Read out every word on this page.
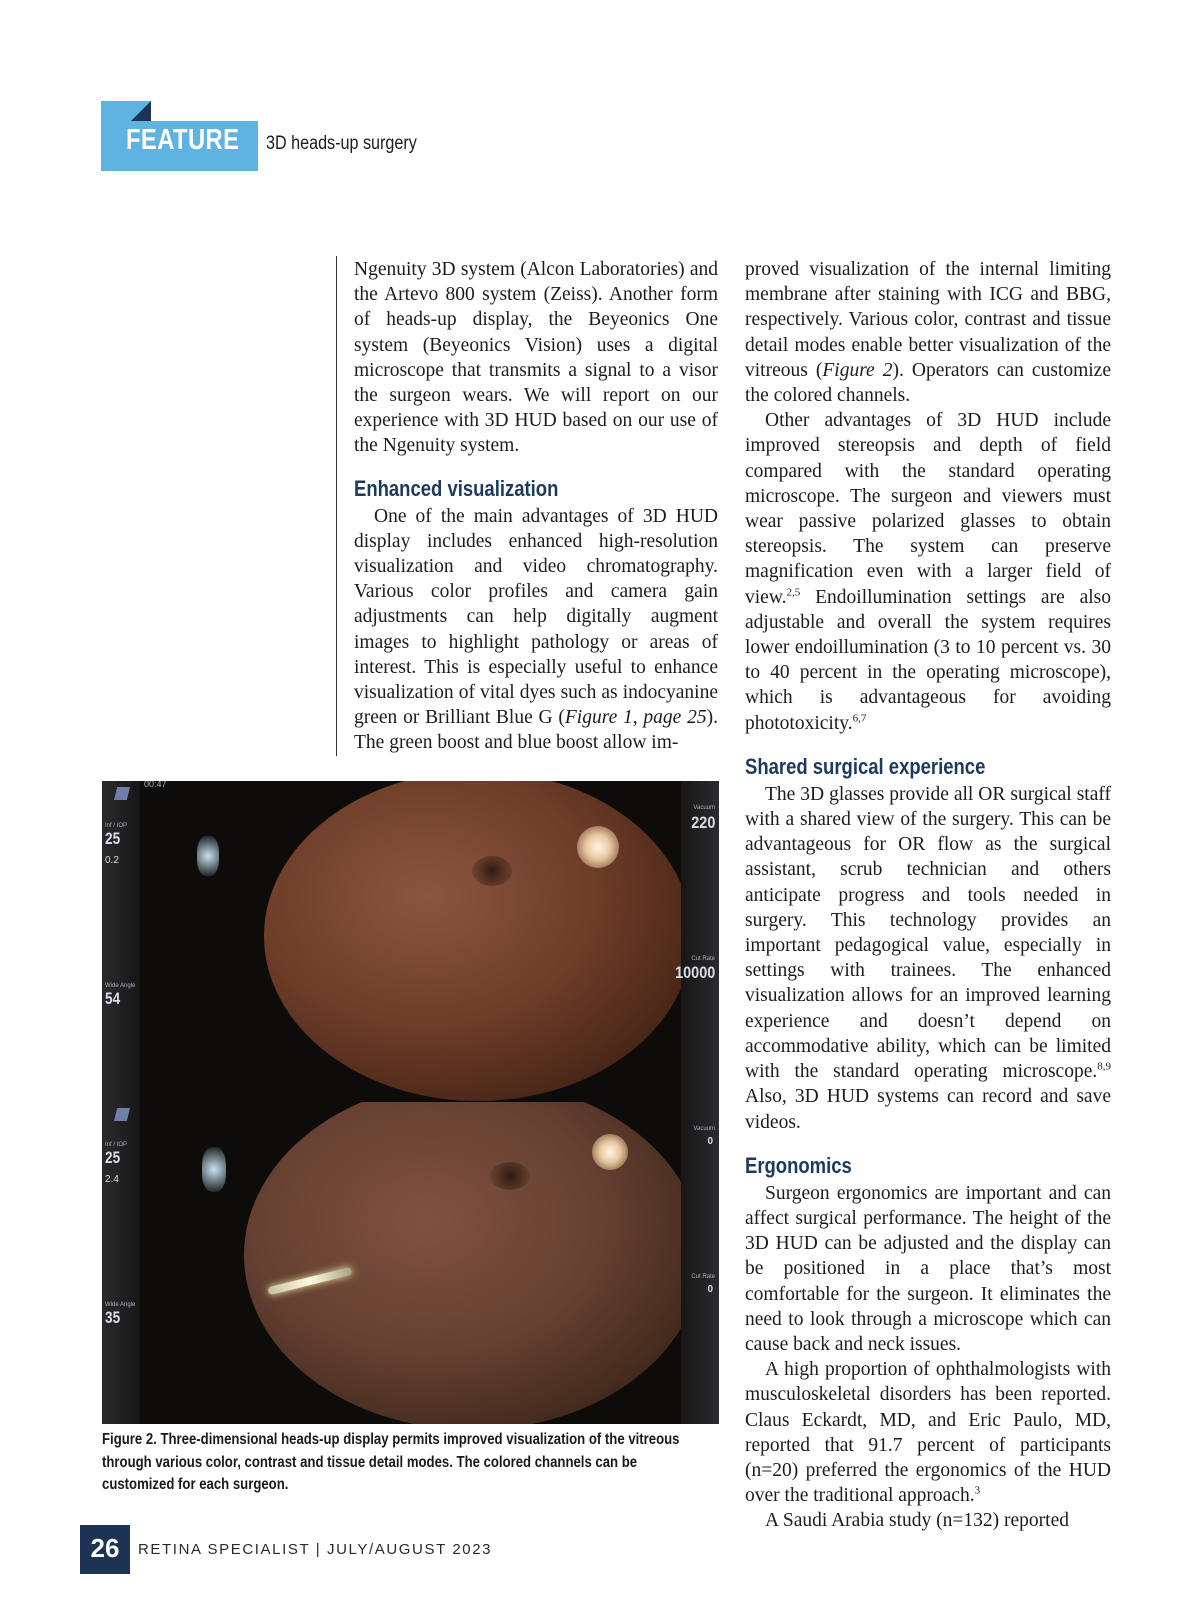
FEATURE 3D heads-up surgery

Ngenuity 3D system (Alcon Laboratories) and the Artevo 800 system (Zeiss). Another form of heads-up display, the Beyeonics One system (Beyeonics Vision) uses a digital microscope that transmits a signal to a visor the surgeon wears. We will report on our experience with 3D HUD based on our use of the Ngenuity system.

Enhanced visualization

One of the main advantages of 3D HUD display includes enhanced high-resolution visualization and video chromatography. Various color profiles and camera gain adjustments can help digitally augment images to highlight pathology or areas of interest. This is especially useful to enhance visualization of vital dyes such as indocyanine green or Brilliant Blue G (Figure 1, page 25). The green boost and blue boost allow im-

proved visualization of the internal limiting membrane after staining with ICG and BBG, respectively. Various color, contrast and tissue detail modes enable better visualization of the vitreous (Figure 2). Operators can customize the colored channels.

Other advantages of 3D HUD include improved stereopsis and depth of field compared with the standard operating microscope. The surgeon and viewers must wear passive polarized glasses to obtain stereopsis. The system can preserve magnification even with a larger field of view.$^{2,5}$ Endoillumination settings are also adjustable and overall the system requires lower endoillumination (3 to 10 percent vs. 30 to 40 percent in the operating microscope), which is advantageous for avoiding phototoxicity.$^{6,7}$

Shared surgical experience

The 3D glasses provide all OR surgical staff with a shared view of the surgery. This can be advantageous for OR flow as the surgical assistant, scrub technician and others anticipate progress and tools needed in surgery. This technology provides an important pedagogical value, especially in settings with trainees. The enhanced visualization allows for an improved learning experience and doesn’t depend on accommodative ability, which can be limited with the standard operating microscope.$^{8,9}$ Also, 3D HUD systems can record and save videos.

Ergonomics

Surgeon ergonomics are important and can affect surgical performance. The height of the 3D HUD can be adjusted and the display can be positioned in a place that’s most comfortable for the surgeon. It eliminates the need to look through a microscope which can cause back and neck issues.

A high proportion of ophthalmologists with musculoskeletal disorders has been reported. Claus Eckardt, MD, and Eric Paulo, MD, reported that 91.7 percent of participants (n=20) preferred the ergonomics of the HUD over the traditional approach.$^3$

A Saudi Arabia study (n=132) reported

00:47
Inf / IOP
25
0.2
Wide Angle
54
Vacuum
220
Cut Rate
10000
Inf / IOP
25
2.4
Wide Angle
35
Vacuum
0
Cut Rate
0
Figure 2. Three-dimensional heads-up display permits improved visualization of the vitreous through various color, contrast and tissue detail modes. The colored channels can be customized for each surgeon.
26	RETINA SPECIALIST | JULY/AUGUST 2023
